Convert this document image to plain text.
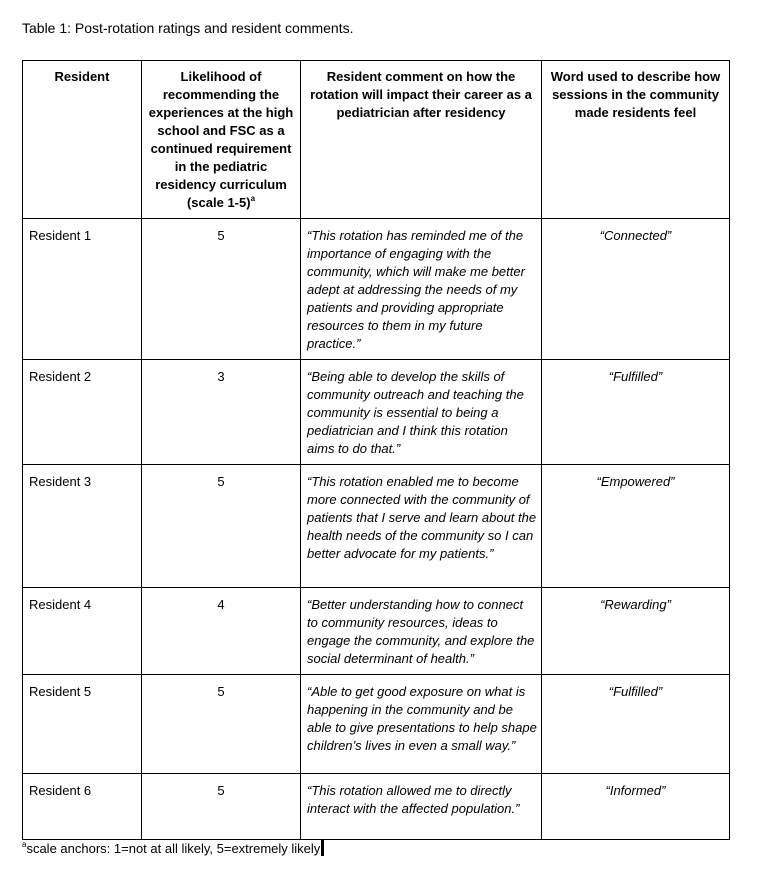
Table 1: Post-rotation ratings and resident comments.
Resident	Likelihood of recommending the experiences at the high school and FSC as a continued requirement in the pediatric residency curriculum (scale 1-5)$^a$	Resident comment on how the rotation will impact their career as a pediatrician after residency	Word used to describe how sessions in the community made residents feel
Resident 1	5	“This rotation has reminded me of the importance of engaging with the community, which will make me better adept at addressing the needs of my patients and providing appropriate resources to them in my future practice.”	“Connected”
Resident 2	3	“Being able to develop the skills of community outreach and teaching the community is essential to being a pediatrician and I think this rotation aims to do that.”	“Fulfilled”
Resident 3	5	“This rotation enabled me to become more connected with the community of patients that I serve and learn about the health needs of the community so I can better advocate for my patients.”	“Empowered”
Resident 4	4	“Better understanding how to connect to community resources, ideas to engage the community, and explore the social determinant of health.”	“Rewarding”
Resident 5	5	“Able to get good exposure on what is happening in the community and be able to give presentations to help shape children’s lives in even a small way.”	“Fulfilled”
Resident 6	5	“This rotation allowed me to directly interact with the affected population.”	“Informed”
$^a$scale anchors: 1=not at all likely, 5=extremely likely
